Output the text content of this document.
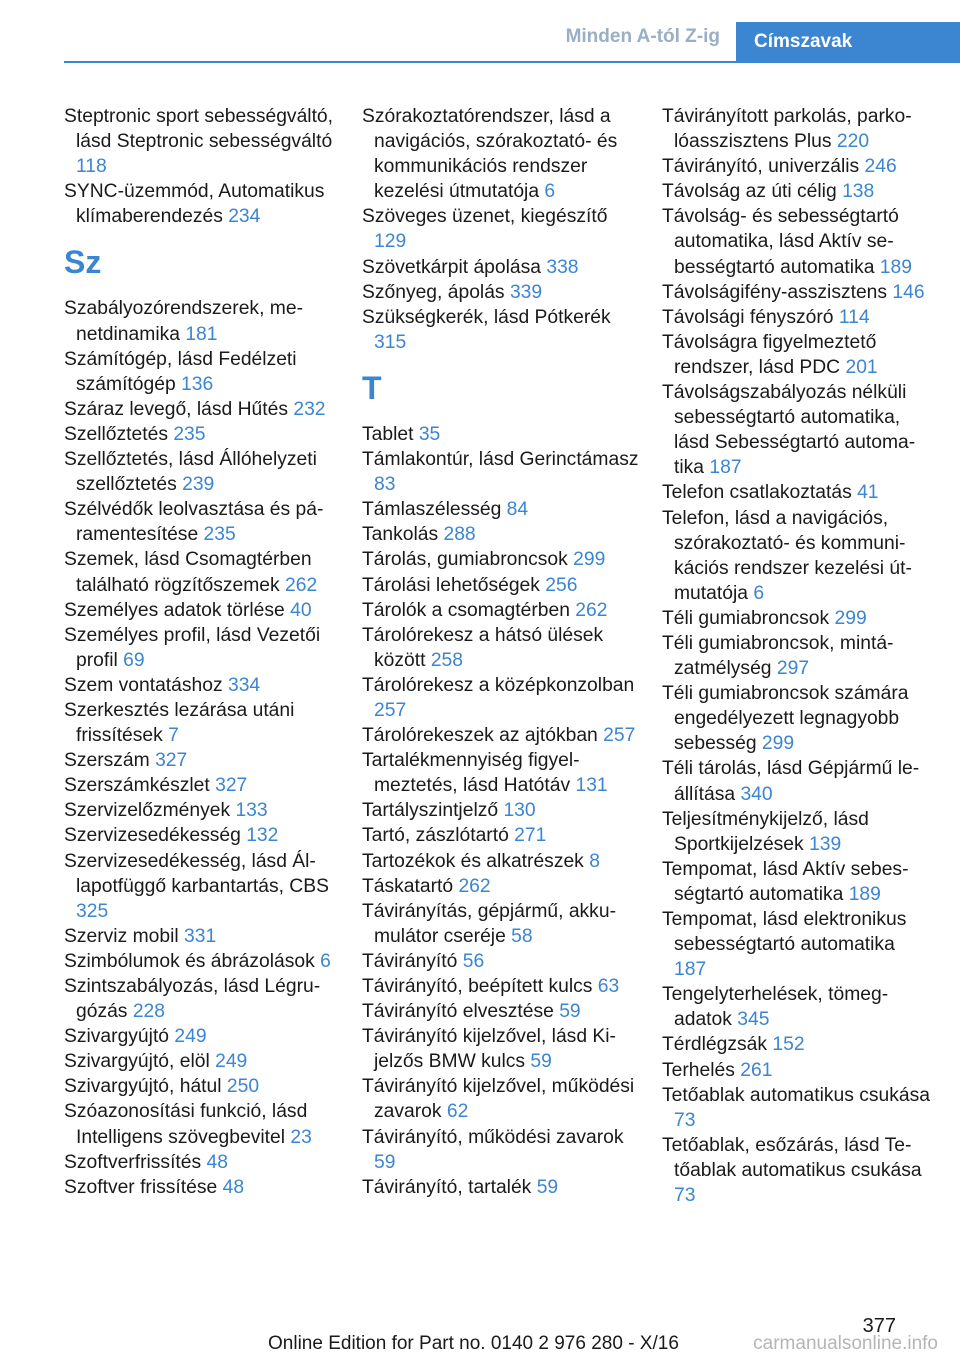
Minden A-tól Z-ig Címszavak
Steptronic sport sebességváltó, lásd Steptronic sebességváltó 118
SYNC-üzemmód, Automatikus klímaberendezés 234
Sz
Szabályozórendszerek, menetdinamika 181
Számítógép, lásd Fedélzeti számítógép 136
Száraz levegő, lásd Hűtés 232
Szellőztetés 235
Szellőztetés, lásd Állóhelyzeti szellőztetés 239
Szélvédők leolvasztása és páramentesítése 235
Szemek, lásd Csomagtérben található rögzítőszemek 262
Személyes adatok törlése 40
Személyes profil, lásd Vezetői profil 69
Szem vontatáshoz 334
Szerkesztés lezárása utáni frissítések 7
Szerszám 327
Szerszámkészlet 327
Szervizelőzmények 133
Szervizesedékesség 132
Szervizesedékesség, lásd Állapotfüggő karbantartás, CBS 325
Szerviz mobil 331
Szimbólumok és ábrázolások 6
Szintszabályozás, lásd Légrugózás 228
Szivargyújtó 249
Szivargyújtó, elöl 249
Szivargyújtó, hátul 250
Szóazonosítási funkció, lásd Intelligens szövegbevitel 23
Szoftverfrissítés 48
Szoftver frissítése 48
Szórakoztatórendszer, lásd a navigációs, szórakoztató- és kommunikációs rendszer kezelési útmutatója 6
Szöveges üzenet, kiegészítő 129
Szövetkárpit ápolása 338
Szőnyeg, ápolás 339
Szükségkerék, lásd Pótkerék 315
T
Tablet 35
Támlakontúr, lásd Gerinctámasz 83
Támlaszélesség 84
Tankolás 288
Tárolás, gumiabroncsok 299
Tárolási lehetőségek 256
Tárolók a csomagtérben 262
Tárolórekesz a hátsó ülések között 258
Tárolórekesz a középkonzolban 257
Tárolórekeszek az ajtókban 257
Tartalékmennyiség figyelmeztetés, lásd Hatótáv 131
Tartályszintjelző 130
Tartó, zászlótartó 271
Tartozékok és alkatrészek 8
Táskatartó 262
Távirányítás, gépjármű, akkumulátor cseréje 58
Távirányító 56
Távirányító, beépített kulcs 63
Távirányító elvesztése 59
Távirányító kijelzővel, lásd Kijelzős BMW kulcs 59
Távirányító kijelzővel, működési zavarok 62
Távirányító, működési zavarok 59
Távirányító, tartalék 59
Távirányított parkolás, parkolóasszisztens Plus 220
Távirányító, univerzális 246
Távolság az úti célig 138
Távolság- és sebességtartó automatika, lásd Aktív sebességtartó automatika 189
Távolságifény-asszisztens 146
Távolsági fényszóró 114
Távolságra figyelmeztető rendszer, lásd PDC 201
Távolságszabályozás nélküli sebességtartó automatika, lásd Sebességtartó automatika 187
Telefon csatlakoztatás 41
Telefon, lásd a navigációs, szórakoztató- és kommunikációs rendszer kezelési útmutatója 6
Téli gumiabroncsok 299
Téli gumiabroncsok, mintázatmélység 297
Téli gumiabroncsok számára engedélyezett legnagyobb sebesség 299
Téli tárolás, lásd Gépjármű leállítása 340
Teljesítménykijelző, lásd Sportkijelzések 139
Tempomat, lásd Aktív sebességtartó automatika 189
Tempomat, lásd elektronikus sebességtartó automatika 187
Tengelyterhelések, tömegadatok 345
Térdlégzsák 152
Terhelés 261
Tetőablak automatikus csukása 73
Tetőablak, esőzárás, lásd Tetőablak automatikus csukása 73
377
Online Edition for Part no. 0140 2 976 280 - X/16	carmanualsonline.info
